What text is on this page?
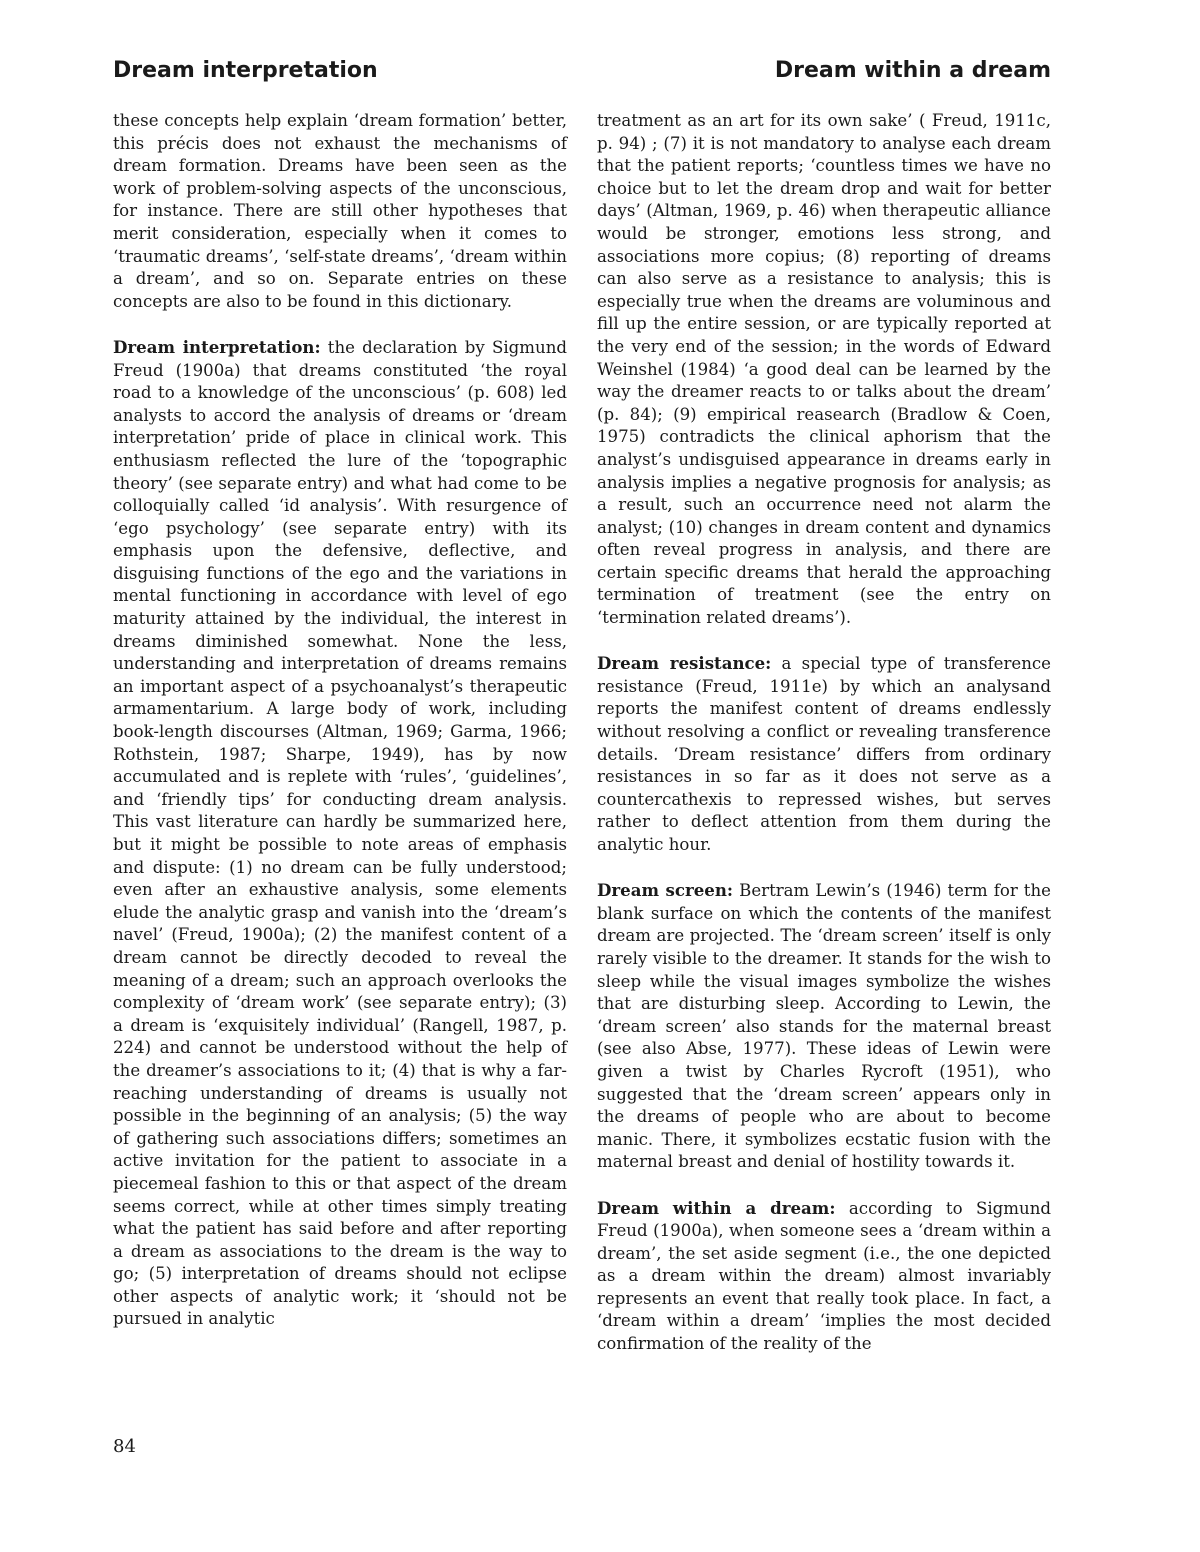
Dream interpretation	Dream within a dream

these concepts help explain ‘dream formation’ better, this précis does not exhaust the mechanisms of dream formation. Dreams have been seen as the work of problem-solving aspects of the unconscious, for instance. There are still other hypotheses that merit consideration, especially when it comes to ‘traumatic dreams’, ‘self-state dreams’, ‘dream within a dream’, and so on. Separate entries on these concepts are also to be found in this dictionary.

Dream interpretation: the declaration by Sigmund Freud (1900a) that dreams constituted ‘the royal road to a knowledge of the unconscious’ (p. 608) led analysts to accord the analysis of dreams or ‘dream interpretation’ pride of place in clinical work. This enthusiasm reflected the lure of the ‘topographic theory’ (see separate entry) and what had come to be colloquially called ‘id analysis’. With resurgence of ‘ego psychology’ (see separate entry) with its emphasis upon the defensive, deflective, and disguising functions of the ego and the variations in mental functioning in accordance with level of ego maturity attained by the individual, the interest in dreams diminished somewhat. None the less, understanding and interpretation of dreams remains an important aspect of a psychoanalyst’s therapeutic armamentarium. A large body of work, including book-length discourses (Altman, 1969; Garma, 1966; Rothstein, 1987; Sharpe, 1949), has by now accumulated and is replete with ‘rules’, ‘guidelines’, and ‘friendly tips’ for conducting dream analysis. This vast literature can hardly be summarized here, but it might be possible to note areas of emphasis and dispute: (1) no dream can be fully understood; even after an exhaustive analysis, some elements elude the analytic grasp and vanish into the ‘dream’s navel’ (Freud, 1900a); (2) the manifest content of a dream cannot be directly decoded to reveal the meaning of a dream; such an approach overlooks the complexity of ‘dream work’ (see separate entry); (3) a dream is ‘exquisitely individual’ (Rangell, 1987, p. 224) and cannot be understood without the help of the dreamer’s associations to it; (4) that is why a far-reaching understanding of dreams is usually not possible in the beginning of an analysis; (5) the way of gathering such associations differs; sometimes an active invitation for the patient to associate in a piecemeal fashion to this or that aspect of the dream seems correct, while at other times simply treating what the patient has said before and after reporting a dream as associations to the dream is the way to go; (5) interpretation of dreams should not eclipse other aspects of analytic work; it ‘should not be pursued in analytic

treatment as an art for its own sake’ ( Freud, 1911c, p. 94) ; (7) it is not mandatory to analyse each dream that the patient reports; ‘countless times we have no choice but to let the dream drop and wait for better days’ (Altman, 1969, p. 46) when therapeutic alliance would be stronger, emotions less strong, and associations more copius; (8) reporting of dreams can also serve as a resistance to analysis; this is especially true when the dreams are voluminous and fill up the entire session, or are typically reported at the very end of the session; in the words of Edward Weinshel (1984) ‘a good deal can be learned by the way the dreamer reacts to or talks about the dream’ (p. 84); (9) empirical reasearch (Bradlow & Coen, 1975) contradicts the clinical aphorism that the analyst’s undisguised appearance in dreams early in analysis implies a negative prognosis for analysis; as a result, such an occurrence need not alarm the analyst; (10) changes in dream content and dynamics often reveal progress in analysis, and there are certain specific dreams that herald the approaching termination of treatment (see the entry on ‘termination related dreams’).

Dream resistance: a special type of transference resistance (Freud, 1911e) by which an analysand reports the manifest content of dreams endlessly without resolving a conflict or revealing transference details. ‘Dream resistance’ differs from ordinary resistances in so far as it does not serve as a countercathexis to repressed wishes, but serves rather to deflect attention from them during the analytic hour.

Dream screen: Bertram Lewin’s (1946) term for the blank surface on which the contents of the manifest dream are projected. The ‘dream screen’ itself is only rarely visible to the dreamer. It stands for the wish to sleep while the visual images symbolize the wishes that are disturbing sleep. According to Lewin, the ‘dream screen’ also stands for the maternal breast (see also Abse, 1977). These ideas of Lewin were given a twist by Charles Rycroft (1951), who suggested that the ‘dream screen’ appears only in the dreams of people who are about to become manic. There, it symbolizes ecstatic fusion with the maternal breast and denial of hostility towards it.

Dream within a dream: according to Sigmund Freud (1900a), when someone sees a ‘dream within a dream’, the set aside segment (i.e., the one depicted as a dream within the dream) almost invariably represents an event that really took place. In fact, a ‘dream within a dream’ ‘implies the most decided confirmation of the reality of the

84
